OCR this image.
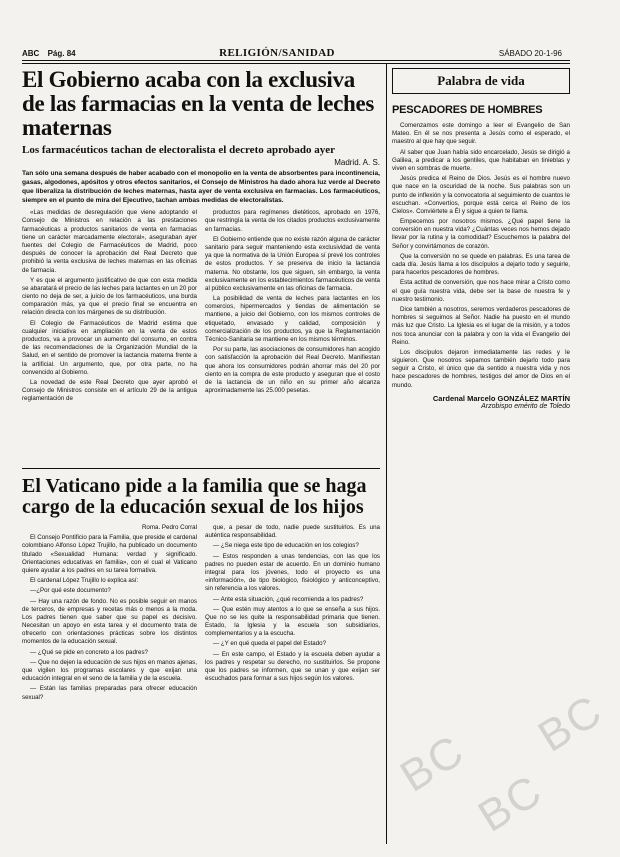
ABC Pág. 84	RELIGIÓN/SANIDAD	SÁBADO 20-1-96
El Gobierno acaba con la exclusiva de las farmacias en la venta de leches maternas
Los farmacéuticos tachan de electoralista el decreto aprobado ayer
Madrid. A. S.
Tan sólo una semana después de haber acabado con el monopolio en la venta de absorbentes para incontinencia, gasas, algodones, apósitos y otros efectos sanitarios, el Consejo de Ministros ha dado ahora luz verde al Decreto que liberaliza la distribución de leches maternas, hasta ayer de venta exclusiva en farmacias. Los farmacéuticos, siempre en el punto de mira del Ejecutivo, tachan ambas medidas de electoralistas.

«Las medidas de desregulación que viene adoptando el Consejo de Ministros en relación a las prestaciones farmacéuticas a productos sanitarios de venta en farmacias tiene un carácter marcadamente electoral», aseguraban ayer fuentes del Colegio de Farmacéuticos de Madrid, poco después de conocer la aprobación del Real Decreto que prohibió la venta exclusiva de leches maternas en las oficinas de farmacia.

Y es que el argumento justificativo de que con esta medida se abaratará el precio de las leches para lactantes en un 20 por ciento no deja de ser, a juicio de los farmacéuticos, una burda comparación más, ya que el precio final se encuentra en relación directa con los márgenes de su distribución.

El Colegio de Farmacéuticos de Madrid estima que cualquier iniciativa en ampliación en la venta de estos productos, va a provocar un aumento del consumo, en contra de las recomendaciones de la Organización Mundial de la Salud, en el sentido de promover la lactancia materna frente a la artificial. Un argumento, que, por otra parte, no ha convencido al Gobierno.

La novedad de este Real Decreto que ayer aprobó el Consejo de Ministros consiste en el artículo 29 de la antigua reglamentación de

productos para regímenes dietéticos, aprobado en 1976, que restringía la venta de los citados productos exclusivamente en farmacias.

El Gobierno entiende que no existe razón alguna de carácter sanitario para seguir manteniendo esta exclusividad de venta ya que la normativa de la Unión Europea sí prevé los controles de estos productos. Y se preserva de inicio la lactancia materna. No obstante, los que siguen, sin embargo, la venta exclusivamente en los establecimientos farmacéuticos de venta al público exclusivamente en las oficinas de farmacia.

La posibilidad de venta de leches para lactantes en los comercios, hipermercados y tiendas de alimentación se mantiene, a juicio del Gobierno, con los mismos controles de etiquetado, envasado y calidad, composición y comercialización de los productos, ya que la Reglamentación Técnico-Sanitaria se mantiene en los mismos términos.

Por su parte, las asociaciones de consumidores han acogido con satisfacción la aprobación del Real Decreto. Manifiestan que ahora los consumidores podrán ahorrar más del 20 por ciento en la compra de este producto y aseguran que el costo de la lactancia de un niño en su primer año alcanza aproximadamente las 25.000 pesetas.

El Vaticano pide a la familia que se haga cargo de la educación sexual de los hijos

Roma. Pedro Corral

El Consejo Pontificio para la Familia, que preside el cardenal colombiano Alfonso López Trujillo, ha publicado un documento titulado «Sexualidad Humana: verdad y significado. Orientaciones educativas en familia», con el cual el Vaticano quiere ayudar a los padres en su tarea formativa.

El cardenal López Trujillo lo explica así:

—¿Por qué este documento?

— Hay una razón de fondo. No es posible seguir en manos de terceros, de empresas y recetas más o menos a la moda. Los padres tienen que saber que su papel es decisivo. Necesitan un apoyo en esta tarea y el documento trata de ofrecerlo con orientaciones prácticas sobre los distintos momentos de la educación sexual.

— ¿Qué se pide en concreto a los padres?

— Que no dejen la educación de sus hijos en manos ajenas, que vigilen los programas escolares y que exijan una educación integral en el seno de la familia y de la escuela.

— Están las familias preparadas para ofrecer educación sexual?

que, a pesar de todo, nadie puede sustituirlos. Es una auténtica responsabilidad.

— ¿Se niega este tipo de educación en los colegios?

— Estos responden a unas tendencias, con las que los padres no pueden estar de acuerdo. En un dominio humano integral para los jóvenes, todo el proyecto es una «información», de tipo biológico, fisiológico y anticonceptivo, sin referencia a los valores.

— Ante esta situación, ¿qué recomienda a los padres?

— Que estén muy atentos a lo que se enseña a sus hijos. Que no se les quite la responsabilidad primaria que tienen. Estado, la Iglesia y la escuela son subsidiarios, complementarios y a la escucha.

— ¿Y en qué queda el papel del Estado?

— En este campo, el Estado y la escuela deben ayudar a los padres y respetar su derecho, no sustituirlos. Se propone que los padres se informen, que se unan y que exijan ser escuchados para formar a sus hijos según los valores.

Palabra de vida
PESCADORES DE HOMBRES

Comenzamos este domingo a leer el Evangelio de San Mateo. En él se nos presenta a Jesús como el esperado, el maestro al que hay que seguir.

Al saber que Juan había sido encarcelado, Jesús se dirigió a Galilea, a predicar a los gentiles, que habitaban en tinieblas y viven en sombras de muerte.

Jesús predica el Reino de Dios. Jesús es el hombre nuevo que nace en la oscuridad de la noche. Sus palabras son un punto de inflexión y la convocatoria al seguimiento de cuantos le escuchan. «Convertíos, porque está cerca el Reino de los Cielos». Conviértete a Él y sigue a quien te llama.

Empecemos por nosotros mismos. ¿Qué papel tiene la conversión en nuestra vida? ¿Cuántas veces nos hemos dejado llevar por la rutina y la comodidad? Escuchemos la palabra del Señor y convirtámonos de corazón.

Que la conversión no se quede en palabras. Es una tarea de cada día. Jesús llama a los discípulos a dejarlo todo y seguirle, para hacerlos pescadores de hombres.

Esta actitud de conversión, que nos hace mirar a Cristo como el que guía nuestra vida, debe ser la base de nuestra fe y nuestro testimonio.

Dice también a nosotros, seremos verdaderos pescadores de hombres si seguimos al Señor. Nadie ha puesto en el mundo más luz que Cristo. La Iglesia es el lugar de la misión, y a todos nos toca anunciar con la palabra y con la vida el Evangelio del Reino.

Los discípulos dejaron inmediatamente las redes y le siguieron. Que nosotros sepamos también dejarlo todo para seguir a Cristo, el único que da sentido a nuestra vida y nos hace pescadores de hombres, testigos del amor de Dios en el mundo.

Cardenal Marcelo GONZÁLEZ MARTÍN
Arzobispo emérito de Toledo
BC
BC
BC
